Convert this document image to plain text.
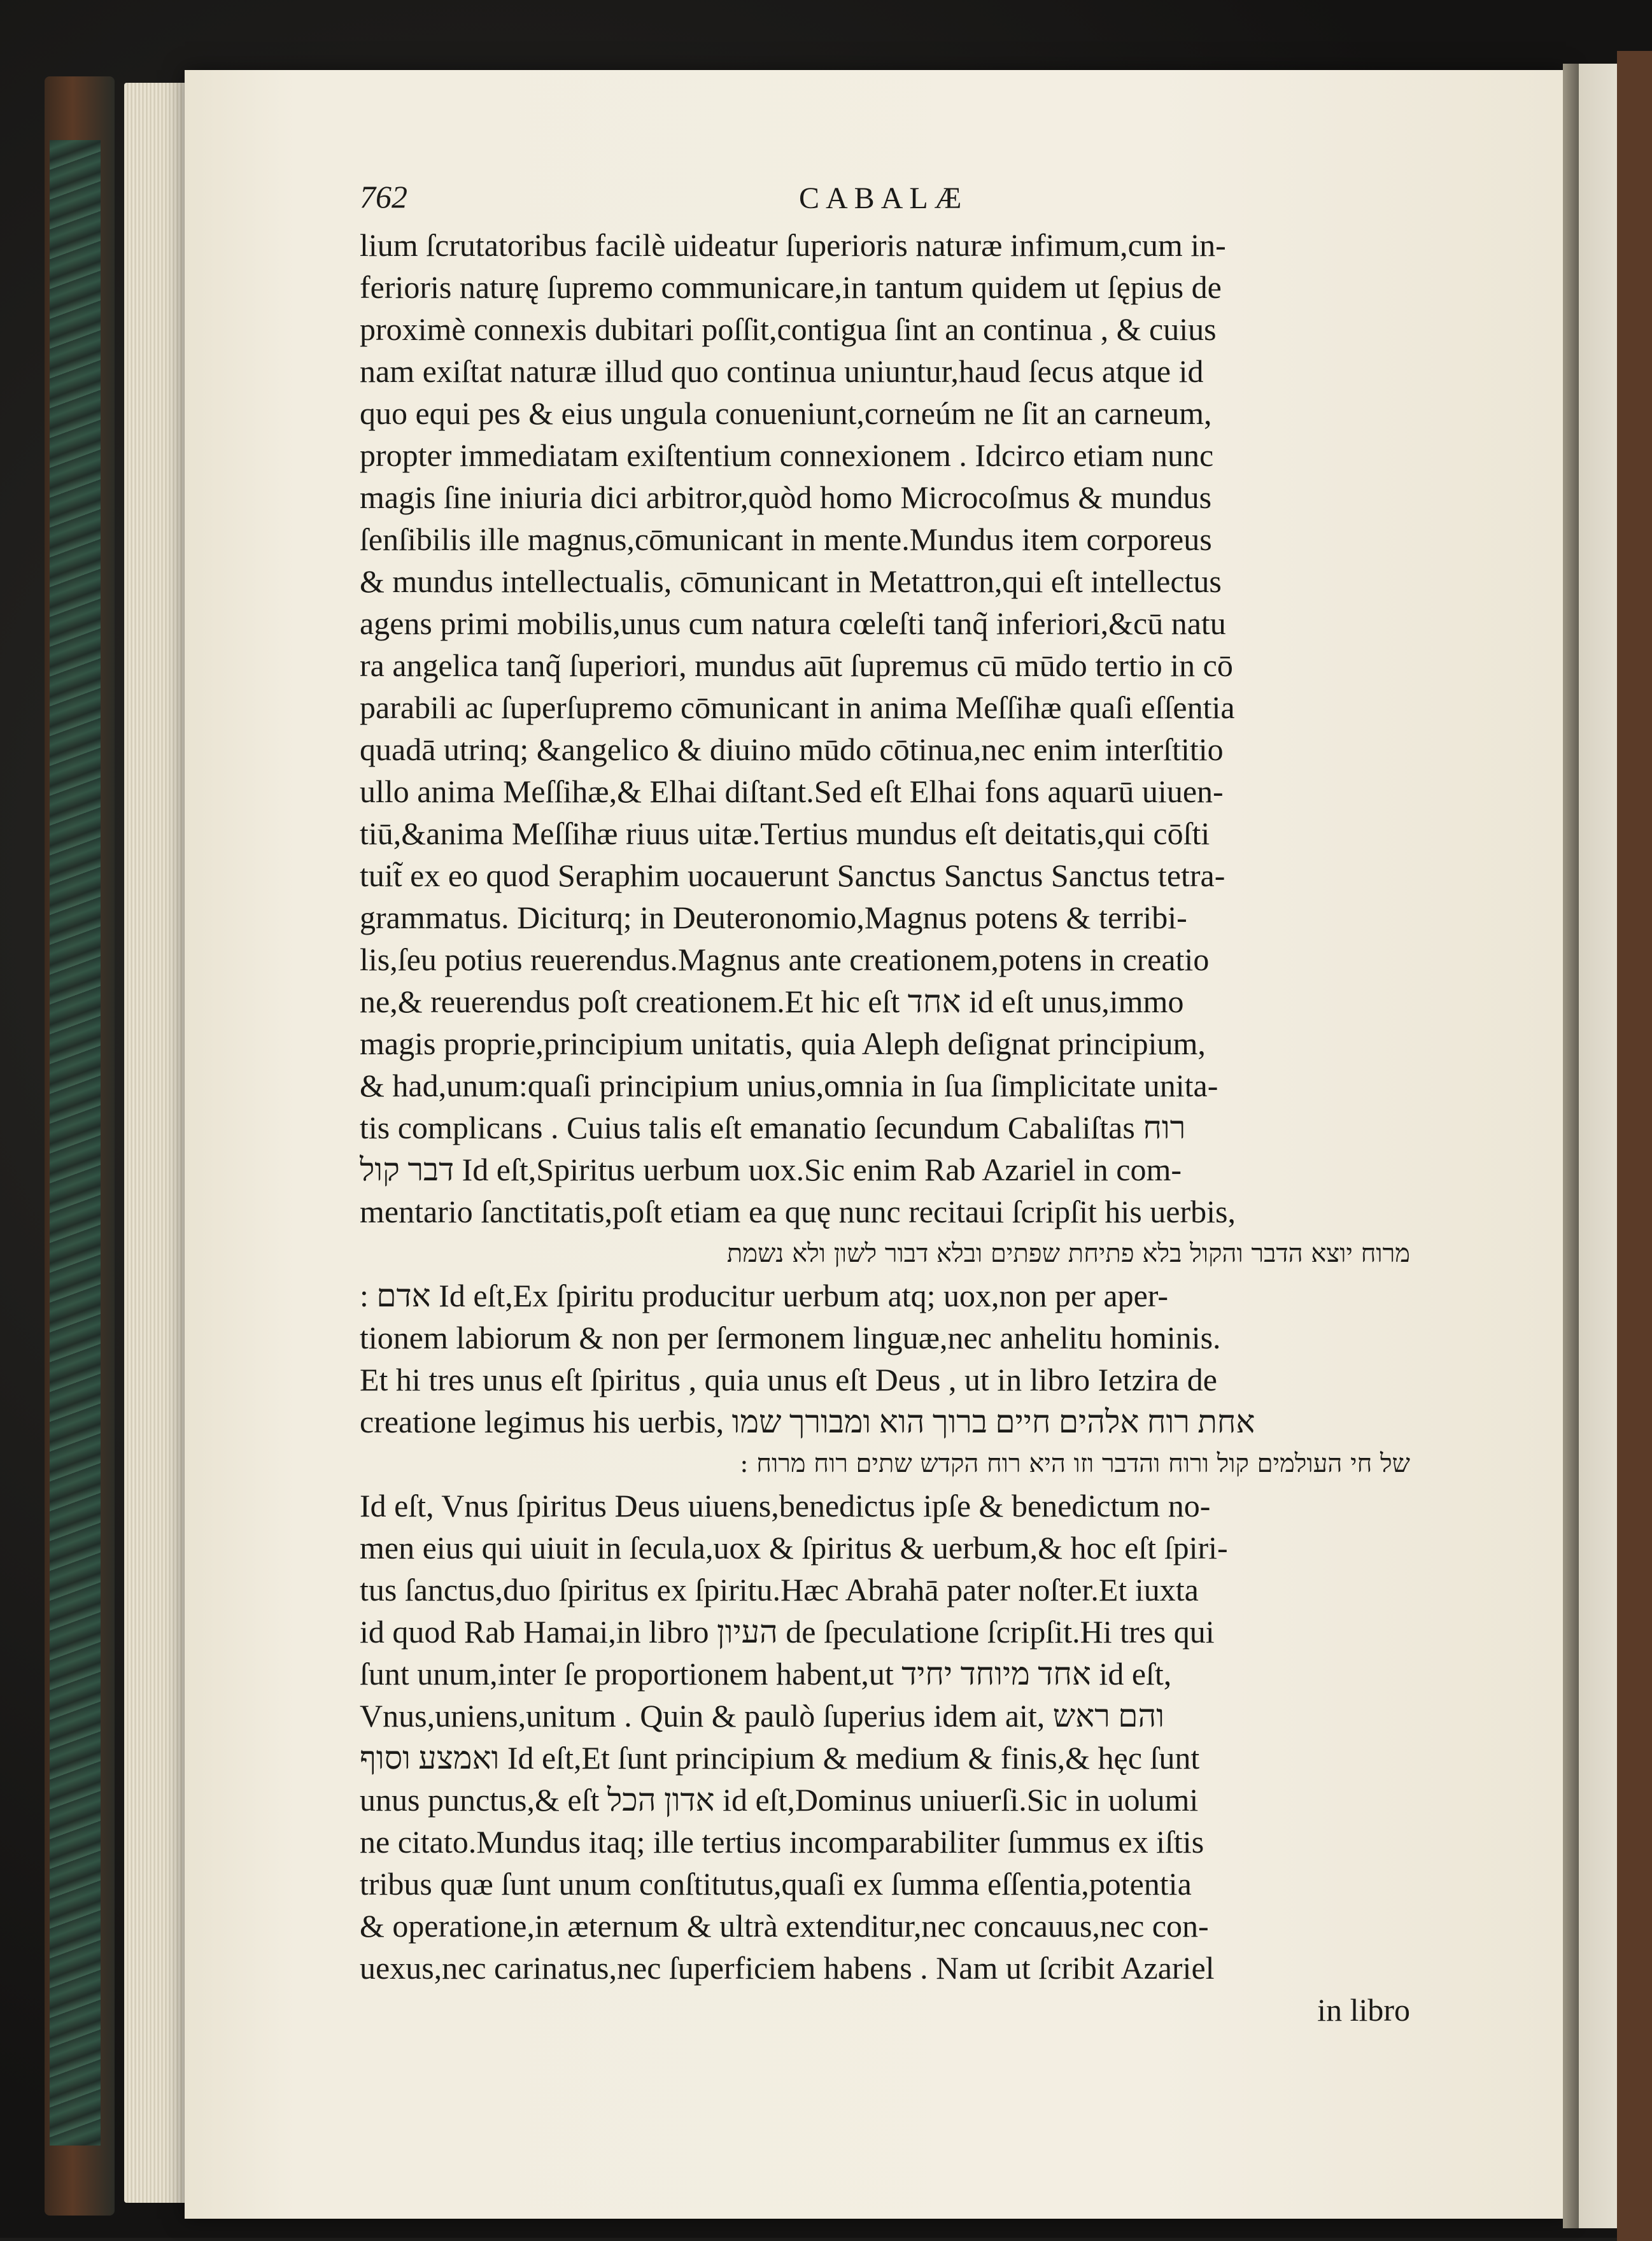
762	CABALÆ
lium ſcrutatoribus facilè uideatur ſuperioris naturæ infimum,cum in-
ferioris naturę ſupremo communicare,in tantum quidem ut ſępius de
proximè connexis dubitari poſſit,contigua ſint an continua , & cuius
nam exiſtat naturæ illud quo continua uniuntur,haud ſecus atque id
quo equi pes & eius ungula conueniunt,corneúm ne ſit an carneum,
propter immediatam exiſtentium connexionem . Idcirco etiam nunc
magis ſine iniuria dici arbitror,quòd homo Microcoſmus & mundus
ſenſibilis ille magnus,cōmunicant in mente.Mundus item corporeus
& mundus intellectualis, cōmunicant in Metattron,qui eſt intellectus
agens primi mobilis,unus cum natura cœleſti tanq̃ inferiori,&cū natu
ra angelica tanq̃ ſuperiori, mundus aūt ſupremus cū mūdo tertio in cō
parabili ac ſuperſupremo cōmunicant in anima Meſſihæ quaſi eſſentia
quadā utrinq; &angelico & diuino mūdo cōtinua,nec enim interſtitio
ullo anima Meſſihæ,& Elhai diſtant.Sed eſt Elhai fons aquarū uiuen-
tiū,&anima Meſſihæ riuus uitæ.Tertius mundus eſt deitatis,qui cōſti
tuit̃ ex eo quod Seraphim uocauerunt Sanctus Sanctus Sanctus tetra-
grammatus. Diciturq; in Deuteronomio,Magnus potens & terribi-
lis,ſeu potius reuerendus.Magnus ante creationem,potens in creatio
ne,& reuerendus poſt creationem.Et hic eſt אחד id eſt unus,immo
magis proprie,principium unitatis, quia Aleph deſignat principium,
& had,unum:quaſi principium unius,omnia in ſua ſimplicitate unita-
tis complicans . Cuius talis eſt emanatio ſecundum Cabaliſtas רוח
דבר קול Id eſt,Spiritus uerbum uox.Sic enim Rab Azariel in com-
mentario ſanctitatis,poſt etiam ea quę nunc recitaui ſcripſit his uerbis,
מרוח יוצא הדבר והקול בלא פתיחת שפתים ובלא דבור לשון ולא נשמת
: אדם Id eſt,Ex ſpiritu producitur uerbum atq; uox,non per aper-
tionem labiorum & non per ſermonem linguæ,nec anhelitu hominis.
Et hi tres unus eſt ſpiritus , quia unus eſt Deus , ut in libro Ietzira de
creatione legimus his uerbis, אחת רוח אלהים חיים ברוך הוא ומבורך שמו
של חי העולמים קול ורוח והדבר וזו היא רוח הקדש שתים רוח מרוח :
Id eſt, Vnus ſpiritus Deus uiuens,benedictus ipſe & benedictum no-
men eius qui uiuit in ſecula,uox & ſpiritus & uerbum,& hoc eſt ſpiri-
tus ſanctus,duo ſpiritus ex ſpiritu.Hæc Abrahā pater noſter.Et iuxta
id quod Rab Hamai,in libro העיון de ſpeculatione ſcripſit.Hi tres qui
ſunt unum,inter ſe proportionem habent,ut אחד מיוחד יחיד id eſt,
Vnus,uniens,unitum . Quin & paulò ſuperius idem ait, והם ראש
ואמצע וסוף Id eſt,Et ſunt principium & medium & finis,& hęc ſunt
unus punctus,& eſt אדון הכל id eſt,Dominus uniuerſi.Sic in uolumi
ne citato.Mundus itaq; ille tertius incomparabiliter ſummus ex iſtis
tribus quæ ſunt unum conſtitutus,quaſi ex ſumma eſſentia,potentia
& operatione,in æternum & ultrà extenditur,nec concauus,nec con-
uexus,nec carinatus,nec ſuperficiem habens . Nam ut ſcribit Azariel
in libro
